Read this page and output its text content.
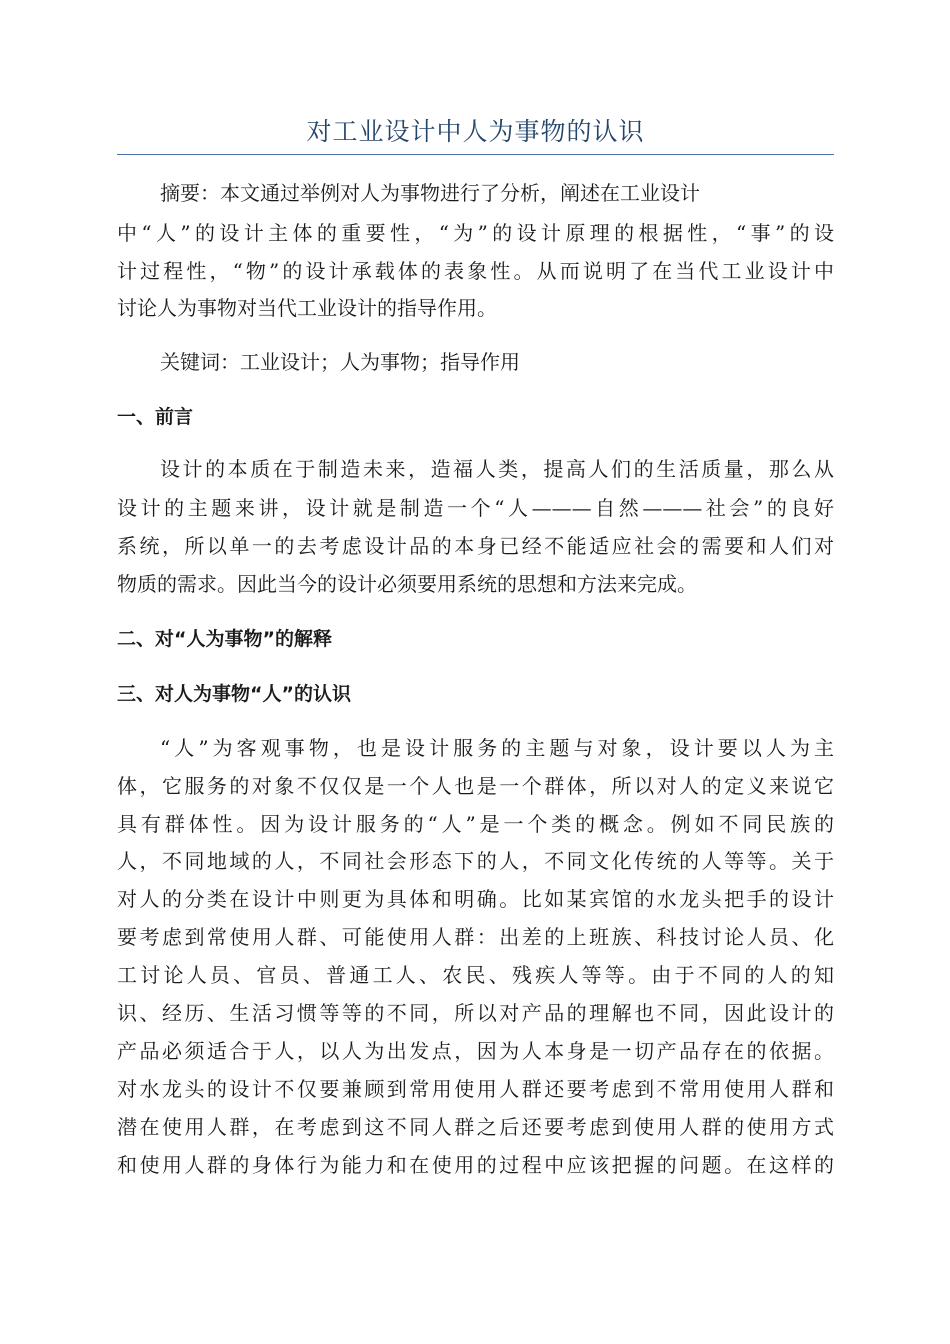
对工业设计中人为事物的认识

摘要：本文通过举例对人为事物进行了分析，阐述在工业设计

中“人”的设计主体的重要性，“为”的设计原理的根据性，“事”的设

计过程性，“物”的设计承载体的表象性。从而说明了在当代工业设计中

讨论人为事物对当代工业设计的指导作用。

关键词：工业设计；人为事物；指导作用

一、前言

设计的本质在于制造未来，造福人类，提高人们的生活质量，那么从

设计的主题来讲，设计就是制造一个“人———自然———社会”的良好

系统，所以单一的去考虑设计品的本身已经不能适应社会的需要和人们对

物质的需求。因此当今的设计必须要用系统的思想和方法来完成。

二、对“人为事物”的解释

三、对人为事物“人”的认识

“人”为客观事物，也是设计服务的主题与对象，设计要以人为主

体，它服务的对象不仅仅是一个人也是一个群体，所以对人的定义来说它

具有群体性。因为设计服务的“人”是一个类的概念。例如不同民族的

人，不同地域的人，不同社会形态下的人，不同文化传统的人等等。关于

对人的分类在设计中则更为具体和明确。比如某宾馆的水龙头把手的设计

要考虑到常使用人群、可能使用人群：出差的上班族、科技讨论人员、化

工讨论人员、官员、普通工人、农民、残疾人等等。由于不同的人的知

识、经历、生活习惯等等的不同，所以对产品的理解也不同，因此设计的

产品必须适合于人，以人为出发点，因为人本身是一切产品存在的依据。

对水龙头的设计不仅要兼顾到常用使用人群还要考虑到不常用使用人群和

潜在使用人群，在考虑到这不同人群之后还要考虑到使用人群的使用方式

和使用人群的身体行为能力和在使用的过程中应该把握的问题。在这样的
